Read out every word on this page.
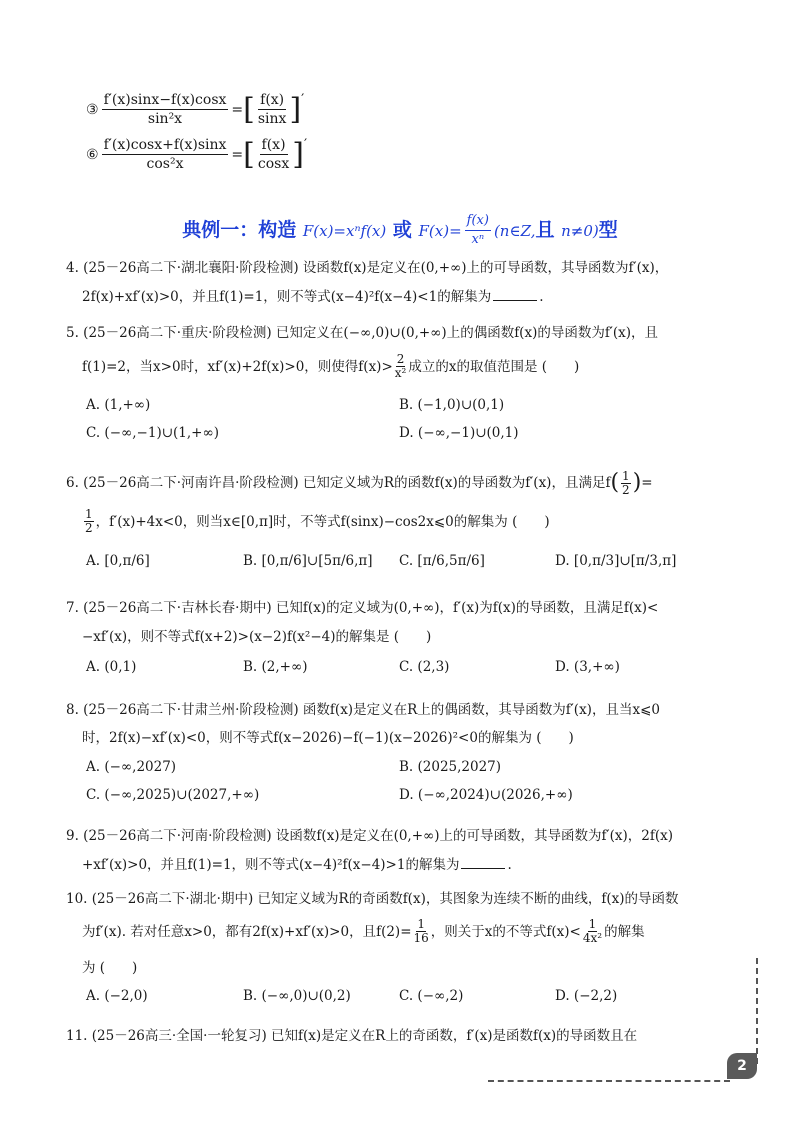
③ $\frac{f'(x)\sin x-f(x)\cos x}{\text{sin²x}}$ = [ $\frac{f(x)}{\sin x}$ ] ′
⑥ $\frac{f'(x)\cos x+f(x)\sin x}{\text{cos²x}}$ = [ $\frac{f(x)}{\cos x}$ ] ′
典例一：构造 F(x)=xⁿf(x) 或 $F(x)= \frac{f(x)}{\text{xⁿ}}$ (n∈Z,且 n≠0)型
4. (25－26高二下·湖北襄阳·阶段检测) 设函数f(x)是定义在(0,+∞)上的可导函数，其导函数为f′(x)，
2f(x)+xf′(x)>0，并且f(1)=1，则不等式(x−4)²f(x−4)<1的解集为	.
5. (25－26高二下·重庆·阶段检测) 已知定义在(−∞,0)∪(0,+∞)上的偶函数f(x)的导函数为f′(x)，且
f(1)=2，当x>0时，xf′(x)+2f(x)>0，则使得f(x)> 2
x² 成立的x的取值范围是 (　　)
A. (1,+∞)	B. (−1,0)∪(0,1)
C. (−∞,−1)∪(1,+∞)	D. (−∞,−1)∪(0,1)
6. (25－26高二下·河南许昌·阶段检测) 已知定义域为R的函数f(x)的导函数为f′(x)，且满足f ( 1
2 ) =
1
2 ，f′(x)+4x<0，则当x∈[0,π]时，不等式f(sinx)−cos2x⩽0的解集为 (　　)
A. [0,π/6]	B. [0,π/6]∪[5π/6,π] C. [π/6,5π/6]	D. [0,π/3]∪[π/3,π]
7. (25－26高二下·吉林长春·期中) 已知f(x)的定义域为(0,+∞)，f′(x)为f(x)的导函数，且满足f(x)<
−xf′(x)，则不等式f(x+2)>(x−2)f(x²−4)的解集是 (　　)
A. (0,1)	B. (2,+∞)	C. (2,3)	D. (3,+∞)
8. (25－26高二下·甘肃兰州·阶段检测) 函数f(x)是定义在R上的偶函数，其导函数为f′(x)，且当x⩽0
时，2f(x)−xf′(x)<0，则不等式f(x−2026)−f(−1)(x−2026)²<0的解集为 (　　)
A. (−∞,2027)	B. (2025,2027)
C. (−∞,2025)∪(2027,+∞)	D. (−∞,2024)∪(2026,+∞)
9. (25－26高二下·河南·阶段检测) 设函数f(x)是定义在(0,+∞)上的可导函数，其导函数为f′(x)，2f(x)
+xf′(x)>0，并且f(1)=1，则不等式(x−4)²f(x−4)>1的解集为	.
10. (25－26高二下·湖北·期中) 已知定义域为R的奇函数f(x)，其图象为连续不断的曲线，f(x)的导函数
为f′(x). 若对任意x>0，都有2f(x)+xf′(x)>0，且$f(2)= \frac{1}{16}$ ，则关于x的不等式f(x)< 1
4x² 的解集
为 (　　)
A. (−2,0)	B. (−∞,0)∪(0,2)	C. (−∞,2)	D. (−2,2)
11. (25－26高三·全国·一轮复习) 已知f(x)是定义在R上的奇函数，f′(x)是函数f(x)的导函数且在
2
